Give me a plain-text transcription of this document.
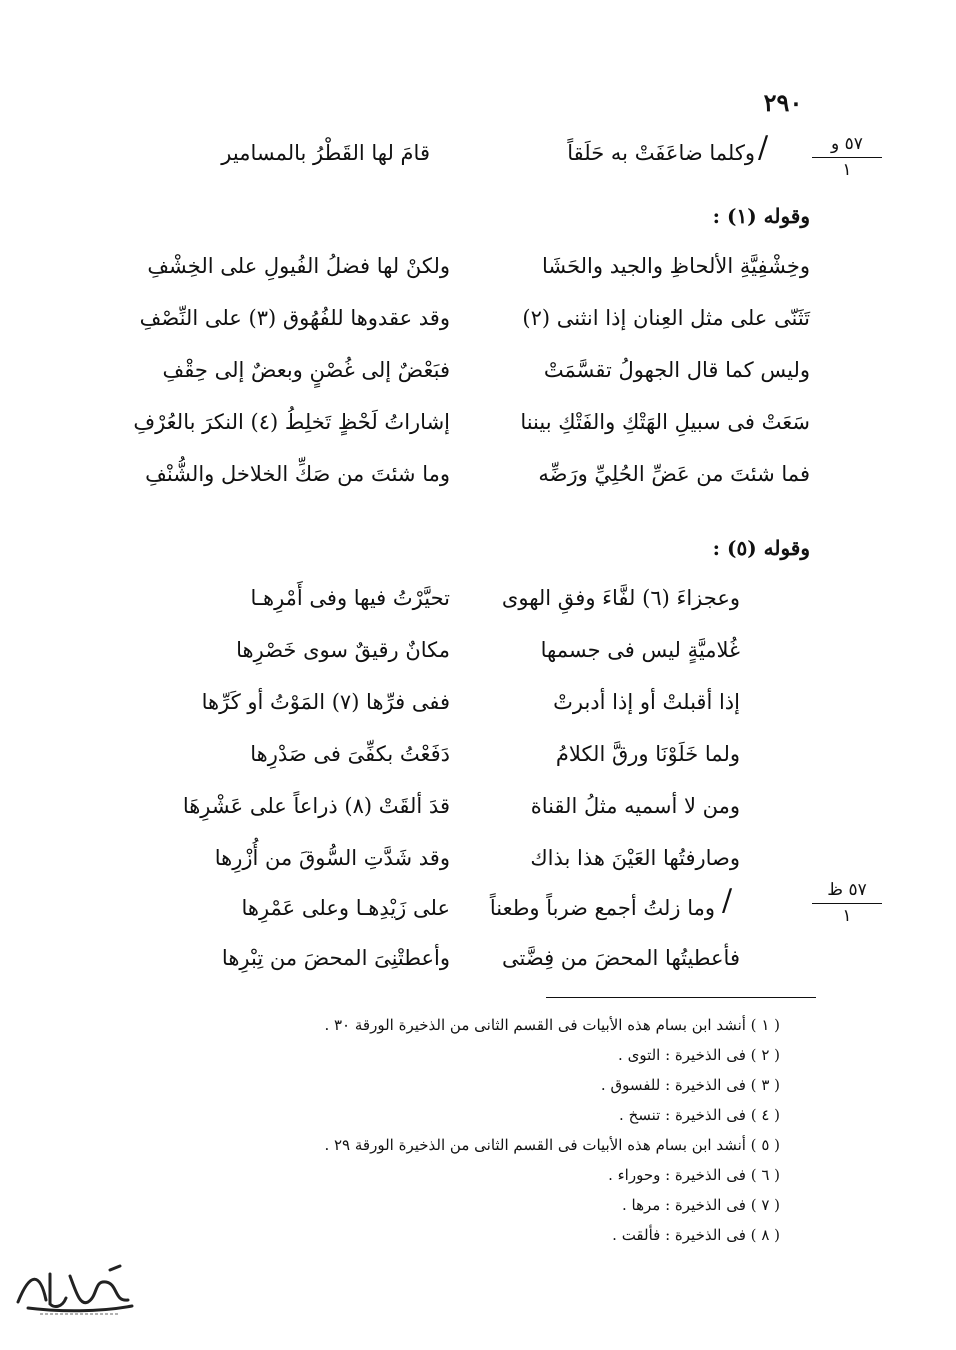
٢٩٠
٥٧ و
١
٥٧ ظ
١
/
وكلما ضاعَفَتْ به حَلَقاً
قامَ لها القَطْرُ بالمسامير
وقوله (١) :
وخِشْفِيَّةِ الألحاظِ والجيد والحَشَا
ولكنْ لها فضلُ الفُيولِ على الخِشْفِ
تَثَنّى على مثل العِنان إذا انثنى (٢)
وقد عقدوها للفُهُوق (٣) على النِّصْفِ
وليس كما قال الجهولُ تقسَّمَتْ
فبَعْضٌ إلى غُصْنٍ وبعضٌ إلى حِقْفِ
سَعَتْ فى سبيلِ الهَتْكِ والفَتْكِ بيننا
إشاراتُ لَحْظٍ تَخلِطُ (٤) النكرَ بالعُرْفِ
فما شئتَ من عَضِّ الحُلِيِّ ورَضِّه
وما شئتَ من صَكِّ الخلاخل والشُّنْفِ
وقوله (٥) :
وعجزاءَ (٦) لفَّاءَ وفقِ الهوى
تحيَّرْتُ فيها وفى أَمْرِهـا
غُلاميَّةٍ ليس فى جسمها
مكانٌ رقيقٌ سوى خَصْرِها
إذا أقبلتْ أو إذا أدبرتْ
ففى فرِّها (٧) المَوْتُ أو كَرِّها
ولما خَلَوْنَا ورقَّ الكلامُ
دَفَعْتُ بكفِّىَ فى صَدْرِها
ومن لا أسميه مثلُ القناة
قدَ ألقَتْ (٨) ذراعاً على عَشْرِهَا
وصارفتُها العَيْنَ هذا بذاك
وقد شَدَّتِ السُّوقَ من أُزْرِها
/
وما زلتُ أجمع ضرباً وطعناً
على زَيْدِهـا وعلى عَمْرِها
فأعطيتُها المحضَ من فِضَّتى
وأعطتْنِىَ المحضَ من تِبْرِها
( ١ ) أنشد ابن بسام هذه الأبيات فى القسم الثانى من الذخيرة الورقة ٣٠ .
( ٢ ) فى الذخيرة : التوى .
( ٣ ) فى الذخيرة : للفسوق .
( ٤ ) فى الذخيرة : تنسخ .
( ٥ ) أنشد ابن بسام هذه الأبيات فى القسم الثانى من الذخيرة الورقة ٢٩ .
( ٦ ) فى الذخيرة : وحوراء .
( ٧ ) فى الذخيرة : مرها .
( ٨ ) فى الذخيرة : فألقت .
